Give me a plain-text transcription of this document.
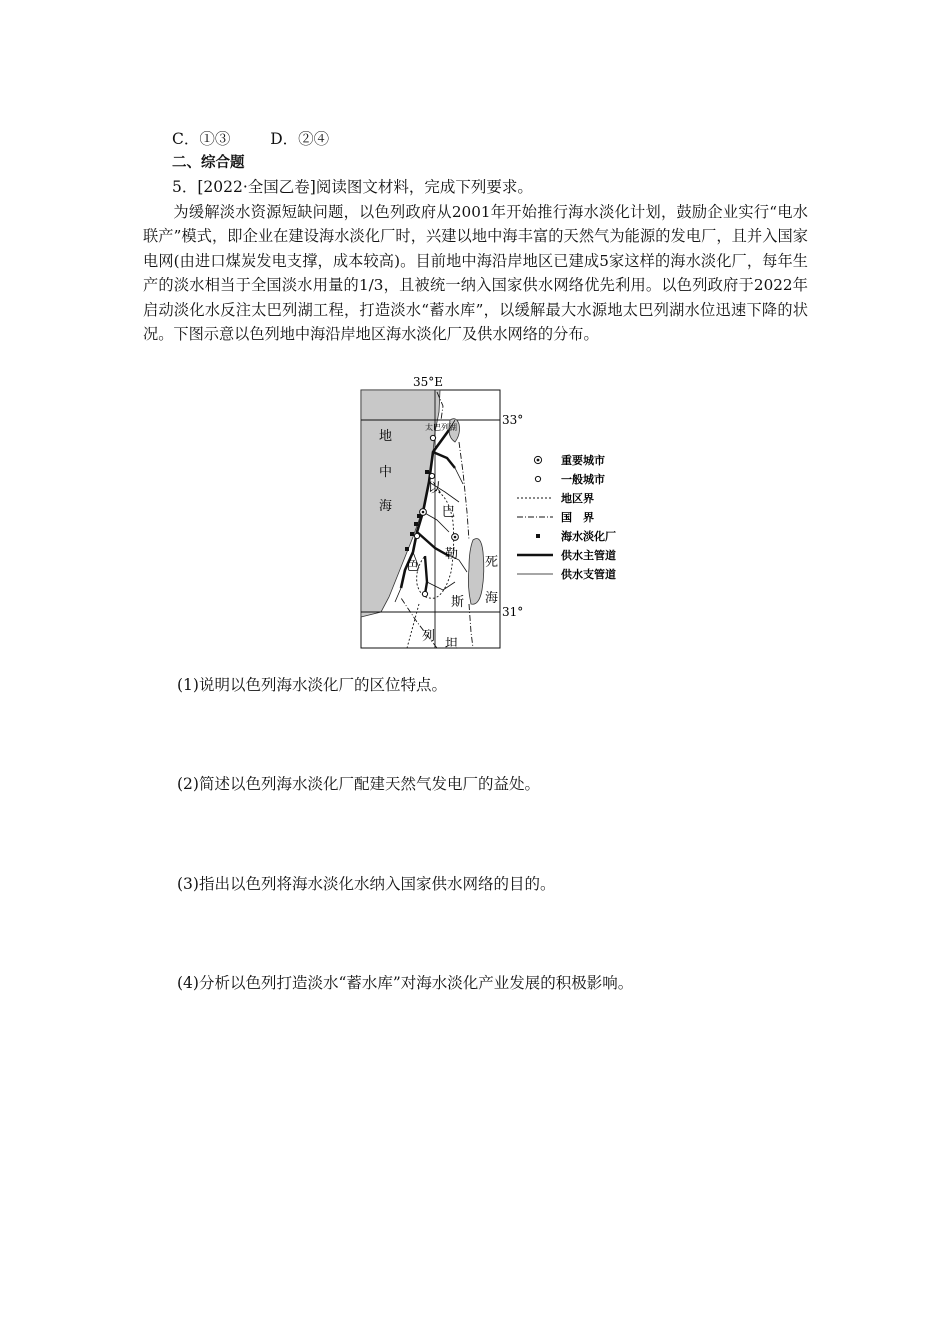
C．①③	D．②④
二、综合题
5．[2022·全国乙卷]阅读图文材料，完成下列要求。
为缓解淡水资源短缺问题，以色列政府从2001年开始推行海水淡化计划，鼓励企业实行“电水联产”模式，即企业在建设海水淡化厂时，兴建以地中海丰富的天然气为能源的发电厂，且并入国家电网(由进口煤炭发电支撑，成本较高)。目前地中海沿岸地区已建成5家这样的海水淡化厂，每年生产的淡水相当于全国淡水用量的1/3，且被统一纳入国家供水网络优先利用。以色列政府于2022年启动淡化水反注太巴列湖工程，打造淡水“蓄水库”，以缓解最大水源地太巴列湖水位迅速下降的状况。下图示意以色列地中海沿岸地区海水淡化厂及供水网络的分布。
35°E
33°
31°
太巴列湖
地
中
海
以
色
列
巴
勒
斯
坦
死
海
重要城市
一般城市
地区界
国　界
海水淡化厂
供水主管道
供水支管道
(1)说明以色列海水淡化厂的区位特点。
(2)简述以色列海水淡化厂配建天然气发电厂的益处。
(3)指出以色列将海水淡化水纳入国家供水网络的目的。
(4)分析以色列打造淡水“蓄水库”对海水淡化产业发展的积极影响。
